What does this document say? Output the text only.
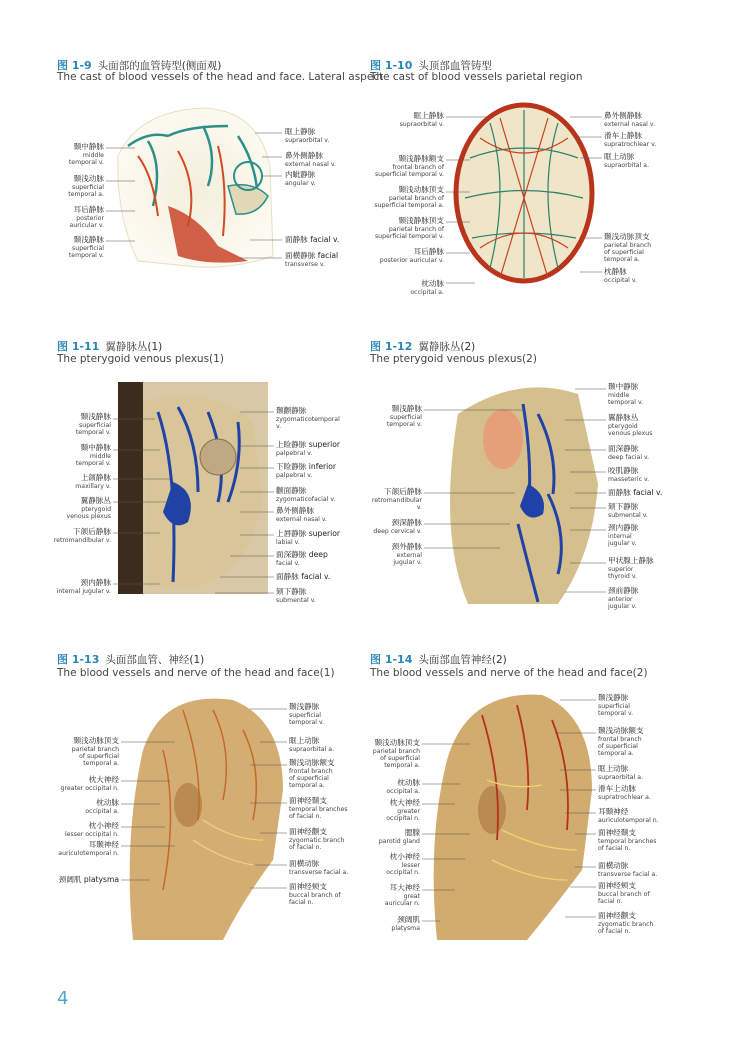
图 1-9 头面部的血管铸型(侧面观)
The cast of blood vessels of the head and face. Lateral aspect
图 1-10 头顶部血管铸型
The cast of blood vessels parietal region
图 1-11 翼静脉丛(1)
The pterygoid venous plexus(1)
图 1-12 翼静脉丛(2)
The pterygoid venous plexus(2)
图 1-13 头面部血管、神经(1)
The blood vessels and nerve of the head and face(1)
图 1-14 头面部血管神经(2)
The blood vessels and nerve of the head and face(2)
颞中静脉
middle
temporal v.
颞浅动脉
superficial
temporal a.
耳后静脉
posterior
auricular v.
颞浅静脉
superficial
temporal v.
眶上静脉
supraorbital v.
鼻外侧静脉
external nasal v.
内眦静脉
angular v.
面静脉 facial v.
面横静脉 facial
transverse v.
眶上静脉
supraorbital v.
颞浅静脉额支
frontal branch of
superficial temporal v.
颞浅动脉顶支
parietal branch of
superficial temporal a.
颞浅静脉顶支
parietal branch of
superficial temporal v.
耳后静脉
posterior auricular v.
枕动脉
occipital a.
鼻外侧静脉
external nasal v.
滑车上静脉
supratrochlear v.
眶上动脉
supraorbital a.
颞浅动脉顶支
parietal branch
of superficial
temporal a.
枕静脉
occipital v.
颞浅静脉
superficial
temporal v.
颞中静脉
middle
temporal v.
上颌静脉
maxillary v.
翼静脉丛
pterygoid
venous plexus
下颌后静脉
retromandibular v.
颈内静脉
internal jugular v.
颞颧静脉
zygomaticotemporal
v.
上睑静脉 superior
palpebral v.
下睑静脉 inferior
palpebral v.
颧面静脉
zygomaticofacial v.
鼻外侧静脉
external nasal v.
上唇静脉 superior
labial v.
面深静脉 deep
facial v.
面静脉 facial v.
颏下静脉
submental v.
颞浅静脉
superficial
temporal v.
下颌后静脉
retromandibular
v.
颈深静脉
deep cervical v.
颈外静脉
external
jugular v.
颞中静脉
middle
temporal v.
翼静脉丛
pterygoid
venous plexus
面深静脉
deep facial v.
咬肌静脉
masseteric v.
面静脉 facial v.
颏下静脉
submental v.
颈内静脉
internal
jugular v.
甲状腺上静脉
superior
thyroid v.
颈前静脉
anterior
jugular v.
颞浅动脉顶支
parietal branch
of superficial
temporal a.
枕大神经
greater occipital n.
枕动脉
occipital a.
枕小神经
lesser occipital n.
耳颞神经
auriculotemporal n.
颈阔肌 platysma
颞浅静脉
superficial
temporal v.
眶上动脉
supraorbital a.
颞浅动脉额支
frontal branch
of superficial
temporal a.
面神经颞支
temporal branches
of facial n.
面神经颧支
zygomatic branch
of facial n.
面横动脉
transverse facial a.
面神经颊支
buccal branch of
facial n.
颞浅动脉顶支
parietal branch
of superficial
temporal a.
枕动脉
occipital a.
枕大神经
greater
occipital n.
腮腺
parotid gland
枕小神经
lesser
occipital n.
耳大神经
great
auricular n.
颈阔肌
platysma
颞浅静脉
superficial
temporal v.
颞浅动脉额支
frontal branch
of superficial
temporal a.
眶上动脉
supraorbital a.
滑车上动脉
supratrochlear a.
耳颞神经
auriculotemporal n.
面神经颞支
temporal branches
of facial n.
面横动脉
transverse facial a.
面神经颊支
buccal branch of
facial n.
面神经颧支
zygomatic branch
of facial n.
4
